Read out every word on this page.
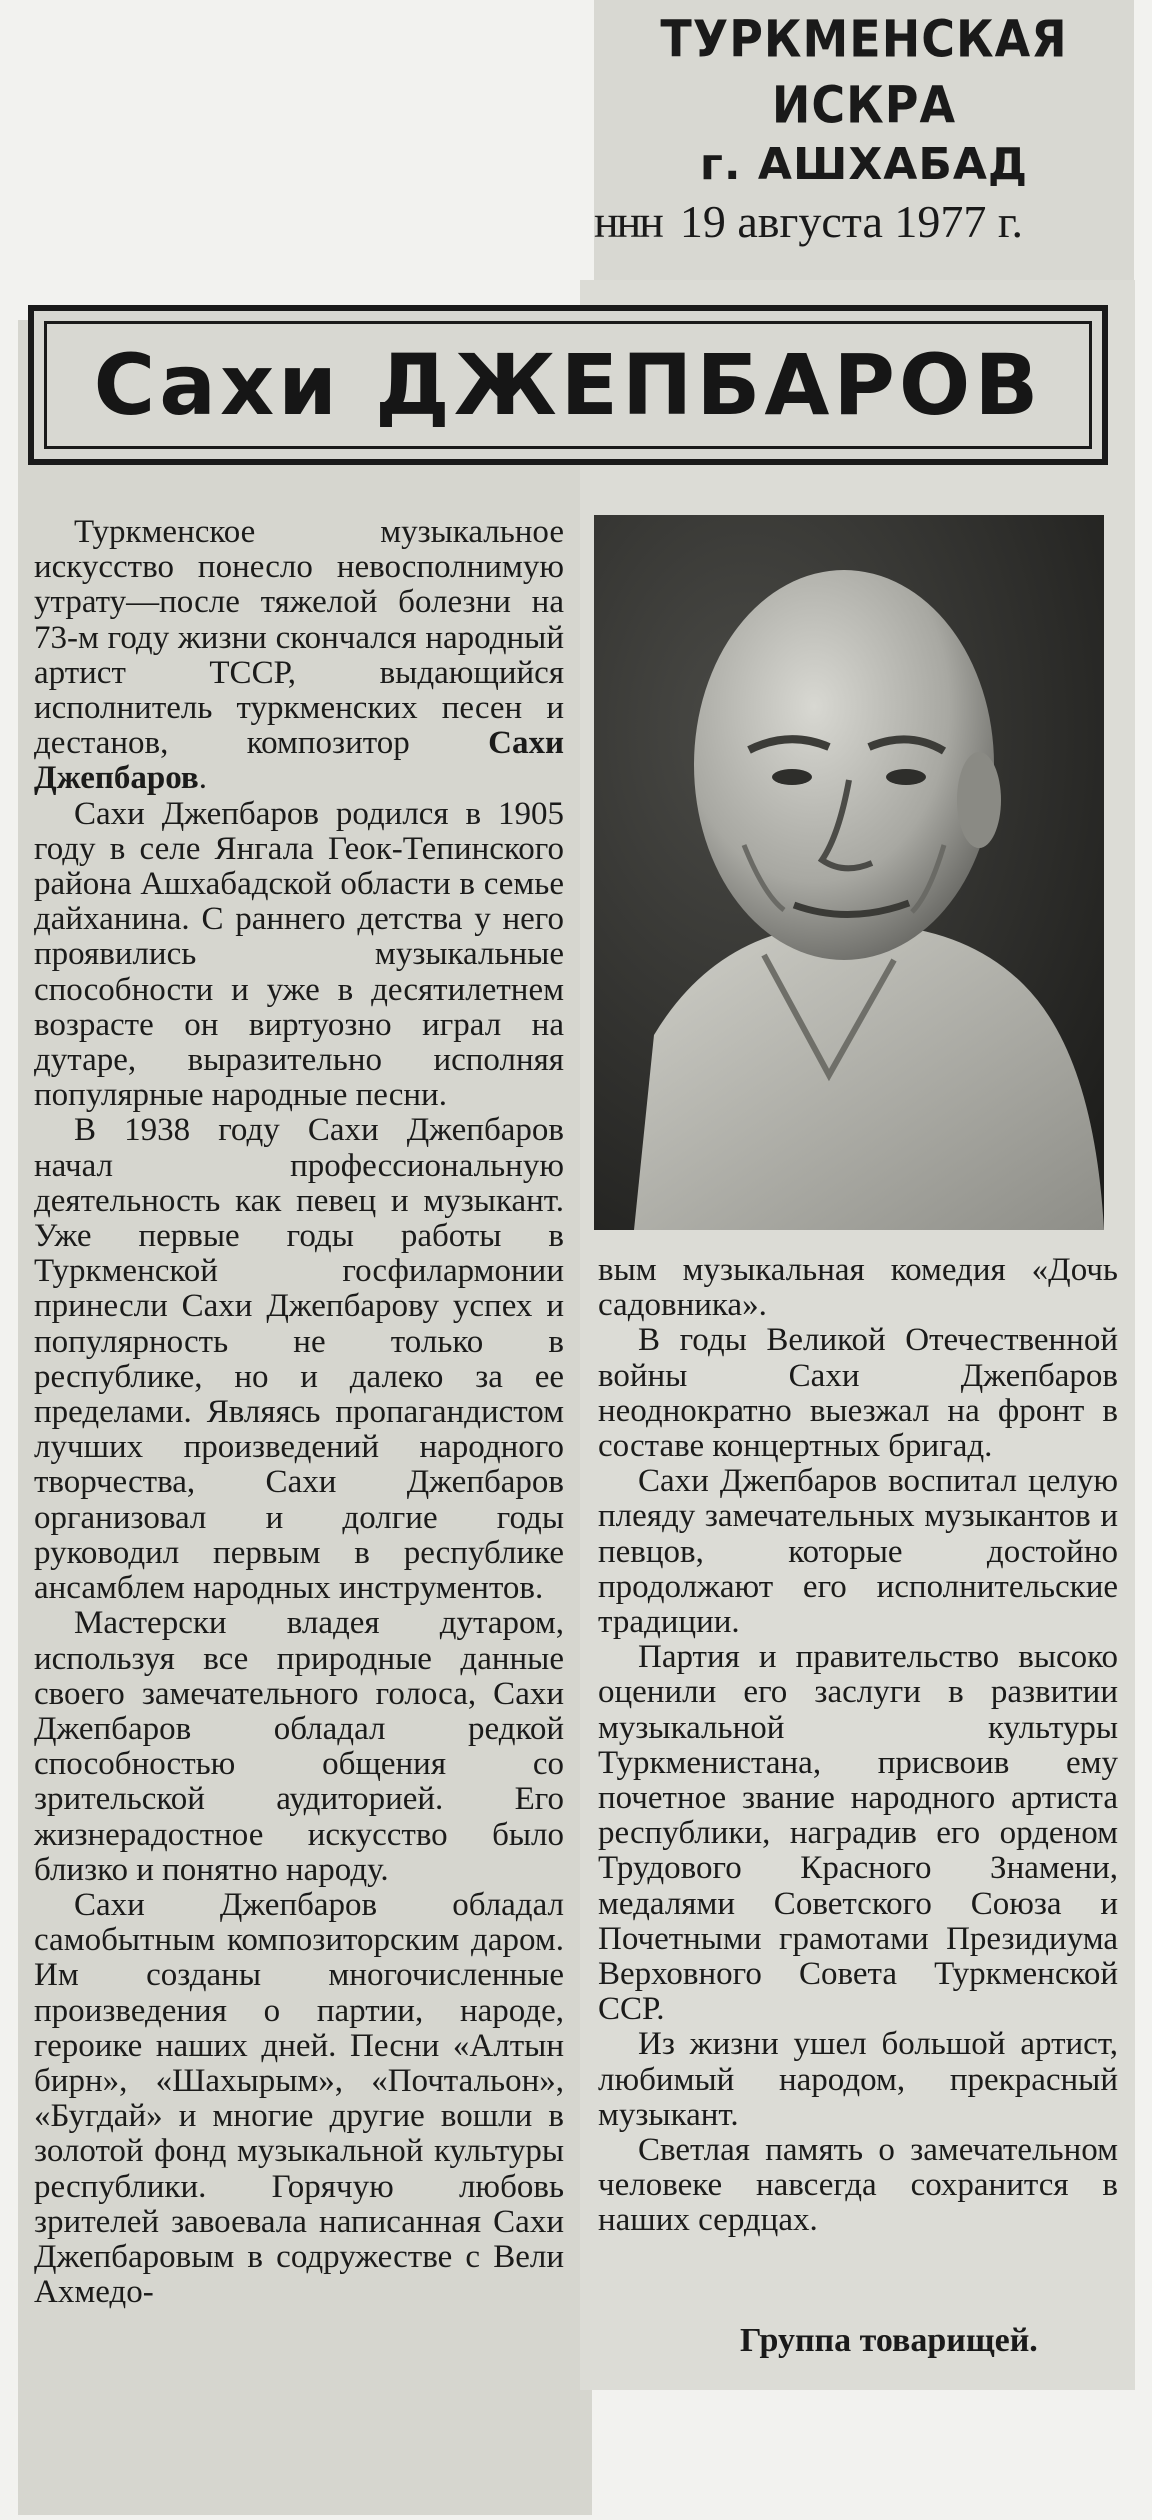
ТУРКМЕНСКАЯ ИСКРА
г. АШХАБАД
ннн 19 августа 1977 г.
Сахи ДЖЕПБАРОВ

Туркменское музыкальное искусство понесло невосполнимую утрату—после тяжелой болезни на 73-м году жизни скончался народный артист ТССР, выдающийся исполнитель туркменских песен и дестанов, композитор Сахи Джепбаров.

Сахи Джепбаров родился в 1905 году в селе Янгала Геок-Тепинского района Ашхабадской области в семье дайханина. С раннего детства у него проявились музыкальные способности и уже в десятилетнем возрасте он виртуозно играл на дутаре, выразительно исполняя популярные народные песни.

В 1938 году Сахи Джепбаров начал профессиональную деятельность как певец и музыкант. Уже первые годы работы в Туркменской госфилармонии принесли Сахи Джепбарову успех и популярность не только в республике, но и далеко за ее пределами. Являясь пропагандистом лучших произведений народного творчества, Сахи Джепбаров организовал и долгие годы руководил первым в республике ансамблем народных инструментов.

Мастерски владея дутаром, используя все природные данные своего замечательного голоса, Сахи Джепбаров обладал редкой способностью общения со зрительской аудиторией. Его жизнерадостное искусство было близко и понятно народу.

Сахи Джепбаров обладал самобытным композиторским даром. Им созданы многочисленные произведения о партии, народе, героике наших дней. Песни «Алтын бирн», «Шахырым», «Почтальон», «Бугдай» и многие другие вошли в золотой фонд музыкальной культуры республики. Горячую любовь зрителей завоевала написанная Сахи Джепбаровым в содружестве с Вели Ахмедо-

вым музыкальная комедия «Дочь садовника».

В годы Великой Отечественной войны Сахи Джепбаров неоднократно выезжал на фронт в составе концертных бригад.

Сахи Джепбаров воспитал целую плеяду замечательных музыкантов и певцов, которые достойно продолжают его исполнительские традиции.

Партия и правительство высоко оценили его заслуги в развитии музыкальной культуры Туркменистана, присвоив ему почетное звание народного артиста республики, наградив его орденом Трудового Красного Знамени, медалями Советского Союза и Почетными грамотами Президиума Верховного Совета Туркменской ССР.

Из жизни ушел большой артист, любимый народом, прекрасный музыкант.

Светлая память о замечательном человеке навсегда сохранится в наших сердцах.

Группа товарищей.
